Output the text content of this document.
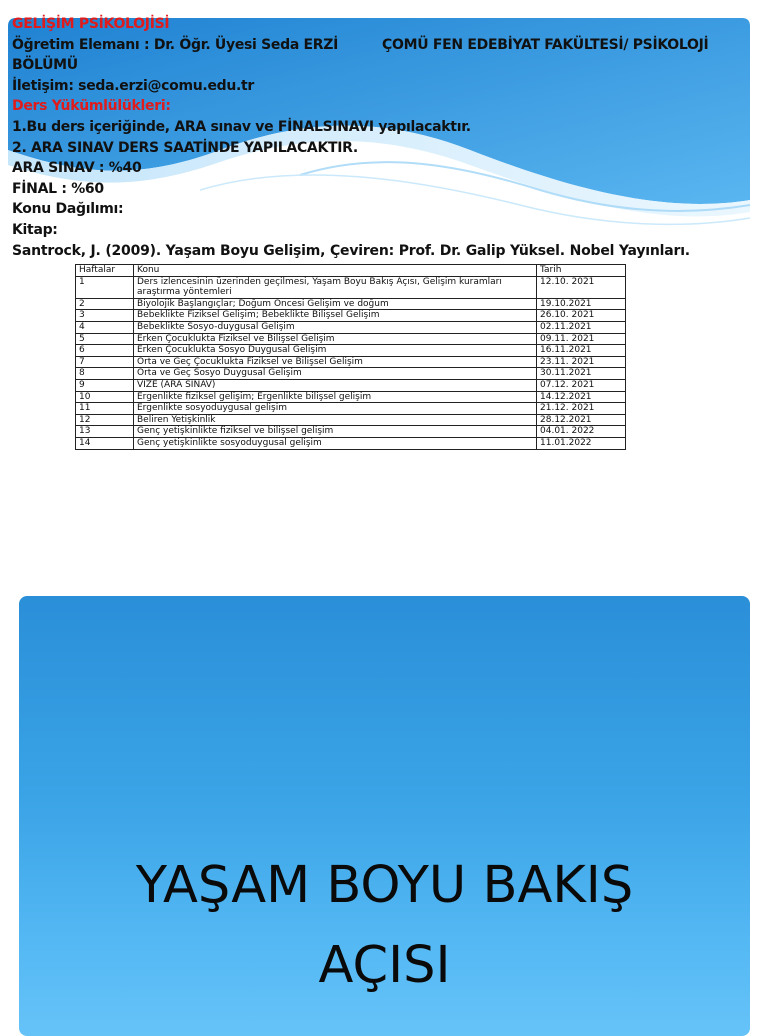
GELİŞİM PSİKOLOJİSİ
Öğretim Elemanı : Dr. Öğr. Üyesi Seda ERZİ	ÇOMÜ FEN EDEBİYAT FAKÜLTESİ/ PSİKOLOJİ
BÖLÜMÜ
İletişim: seda.erzi@comu.edu.tr
Ders Yükümlülükleri:
1.Bu ders içeriğinde, ARA sınav ve FİNALSINAVI yapılacaktır.
2. ARA SINAV DERS SAATİNDE YAPILACAKTIR.
ARA SINAV : %40
FİNAL : %60
Konu Dağılımı:
Kitap:
Santrock, J. (2009). Yaşam Boyu Gelişim, Çeviren: Prof. Dr. Galip Yüksel. Nobel Yayınları.
Haftalar	Konu	Tarih
1	Ders izlencesinin üzerinden geçilmesi, Yaşam Boyu Bakış Açısı, Gelişim kuramları araştırma yöntemleri	12.10. 2021
2	Biyolojik Başlangıçlar; Doğum Öncesi Gelişim ve doğum	19.10.2021
3	Bebeklikte Fiziksel Gelişim; Bebeklikte Bilişsel Gelişim	26.10. 2021
4	Bebeklikte Sosyo-duygusal Gelişim	02.11.2021
5	Erken Çocuklukta Fiziksel ve Bilişsel Gelişim	09.11. 2021
6	Erken Çocuklukta Sosyo Duygusal Gelişim	16.11.2021
7	Orta ve Geç Çocuklukta Fiziksel ve Bilişsel Gelişim	23.11. 2021
8	Orta ve Geç Sosyo Duygusal Gelişim	30.11.2021
9	VİZE (ARA SINAV)	07.12. 2021
10	Ergenlikte fiziksel gelişim; Ergenlikte bilişsel gelişim	14.12.2021
11	Ergenlikte sosyoduygusal gelişim	21.12. 2021
12	Beliren Yetişkinlik	28.12.2021
13	Genç yetişkinlikte fiziksel ve bilişsel gelişim	04.01. 2022
14	Genç yetişkinlikte sosyoduygusal gelişim	11.01.2022
YAŞAM BOYU BAKIŞ
AÇISI
